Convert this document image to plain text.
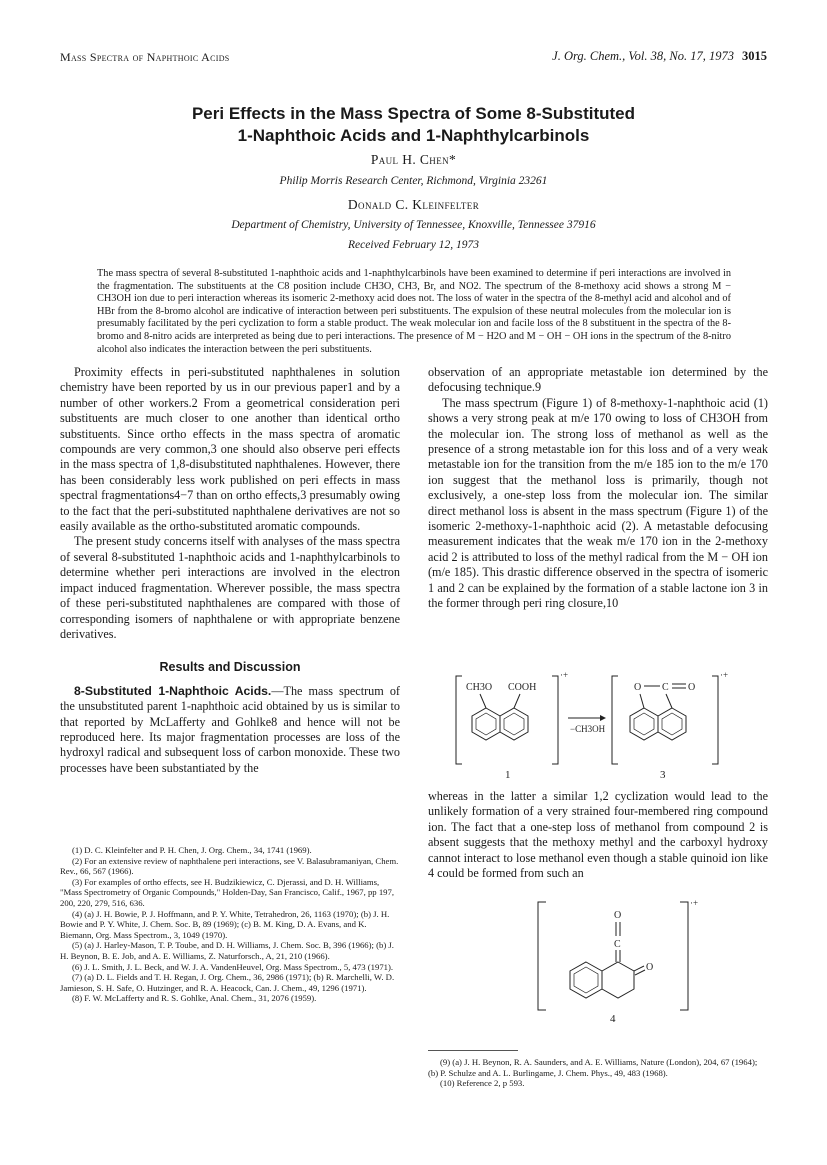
Mass Spectra of Naphthoic Acids	J. Org. Chem., Vol. 38, No. 17, 1973 3015
Peri Effects in the Mass Spectra of Some 8-Substituted
1-Naphthoic Acids and 1-Naphthylcarbinols
Paul H. Chen*
Philip Morris Research Center, Richmond, Virginia 23261
Donald C. Kleinfelter
Department of Chemistry, University of Tennessee, Knoxville, Tennessee 37916
Received February 12, 1973
The mass spectra of several 8-substituted 1-naphthoic acids and 1-naphthylcarbinols have been examined to determine if peri interactions are involved in the fragmentation. The substituents at the C8 position include CH3O, CH3, Br, and NO2. The spectrum of the 8-methoxy acid shows a strong M − CH3OH ion due to peri interaction whereas its isomeric 2-methoxy acid does not. The loss of water in the spectra of the 8-methyl acid and alcohol and of HBr from the 8-bromo alcohol are indicative of interaction between peri substituents. The expulsion of these neutral molecules from the molecular ion is presumably facilitated by the peri cyclization to form a stable product. The weak molecular ion and facile loss of the 8 substituent in the spectra of the 8-bromo and 8-nitro acids are interpreted as being due to peri interactions. The presence of M − H2O and M − OH − OH ions in the spectrum of the 8-nitro alcohol also indicates the interaction between the peri substituents.

Proximity effects in peri-substituted naphthalenes in solution chemistry have been reported by us in our previous paper1 and by a number of other workers.2 From a geometrical consideration peri substituents are much closer to one another than identical ortho substituents. Since ortho effects in the mass spectra of aromatic compounds are very common,3 one should also observe peri effects in the mass spectra of 1,8-disubstituted naphthalenes. However, there has been considerably less work published on peri effects in mass spectral fragmentations4−7 than on ortho effects,3 presumably owing to the fact that the peri-substituted naphthalene derivatives are not so easily available as the ortho-substituted aromatic compounds.

The present study concerns itself with analyses of the mass spectra of several 8-substituted 1-naphthoic acids and 1-naphthylcarbinols to determine whether peri interactions are involved in the electron impact induced fragmentation. Wherever possible, the mass spectra of these peri-substituted naphthalenes are compared with those of corresponding isomers of naphthalene or with appropriate benzene derivatives.

Results and Discussion

8-Substituted 1-Naphthoic Acids.—The mass spectrum of the unsubstituted parent 1-naphthoic acid obtained by us is similar to that reported by McLafferty and Gohlke8 and hence will not be reproduced here. Its major fragmentation processes are loss of the hydroxyl radical and subsequent loss of carbon monoxide. These two processes have been substantiated by the

(1) D. C. Kleinfelter and P. H. Chen, J. Org. Chem., 34, 1741 (1969).
(2) For an extensive review of naphthalene peri interactions, see V. Balasubramaniyan, Chem. Rev., 66, 567 (1966).
(3) For examples of ortho effects, see H. Budzikiewicz, C. Djerassi, and D. H. Williams, "Mass Spectrometry of Organic Compounds," Holden-Day, San Francisco, Calif., 1967, pp 197, 200, 220, 279, 516, 636.
(4) (a) J. H. Bowie, P. J. Hoffmann, and P. Y. White, Tetrahedron, 26, 1163 (1970); (b) J. H. Bowie and P. Y. White, J. Chem. Soc. B, 89 (1969); (c) B. M. King, D. A. Evans, and K. Biemann, Org. Mass Spectrom., 3, 1049 (1970).
(5) (a) J. Harley-Mason, T. P. Toube, and D. H. Williams, J. Chem. Soc. B, 396 (1966); (b) J. H. Beynon, B. E. Job, and A. E. Williams, Z. Naturforsch., A, 21, 210 (1966).
(6) J. L. Smith, J. L. Beck, and W. J. A. VandenHeuvel, Org. Mass Spectrom., 5, 473 (1971).
(7) (a) D. L. Fields and T. H. Regan, J. Org. Chem., 36, 2986 (1971); (b) R. Marchelli, W. D. Jamieson, S. H. Safe, O. Hutzinger, and R. A. Heacock, Can. J. Chem., 49, 1296 (1971).
(8) F. W. McLafferty and R. S. Gohlke, Anal. Chem., 31, 2076 (1959).

observation of an appropriate metastable ion determined by the defocusing technique.9

The mass spectrum (Figure 1) of 8-methoxy-1-naphthoic acid (1) shows a very strong peak at m/e 170 owing to loss of CH3OH from the molecular ion. The strong loss of methanol as well as the presence of a strong metastable ion for this loss and of a very weak metastable ion for the transition from the m/e 185 ion to the m/e 170 ion suggest that the methanol loss is primarily, though not exclusively, a one-step loss from the molecular ion. The similar direct methanol loss is absent in the mass spectrum (Figure 1) of the isomeric 2-methoxy-1-naphthoic acid (2). A metastable defocusing measurement indicates that the weak m/e 170 ion in the 2-methoxy acid 2 is attributed to loss of the methyl radical from the M − OH ion (m/e 185). This drastic difference observed in the spectra of isomeric 1 and 2 can be explained by the formation of a stable lactone ion 3 in the former through peri ring closure,10

·+
CH3O COOH
−CH3OH
·+
O C O
1	3

whereas in the latter a similar 1,2 cyclization would lead to the unlikely formation of a very strained four-membered ring compound ion. The fact that a one-step loss of methanol from compound 2 is absent suggests that the methoxy methyl and the carboxyl hydroxy cannot interact to lose methanol even though a stable quinoid ion like 4 could be formed from such an

·+
O
C
O
4
(9) (a) J. H. Beynon, R. A. Saunders, and A. E. Williams, Nature (London), 204, 67 (1964); (b) P. Schulze and A. L. Burlingame, J. Chem. Phys., 49, 483 (1968).
(10) Reference 2, p 593.
